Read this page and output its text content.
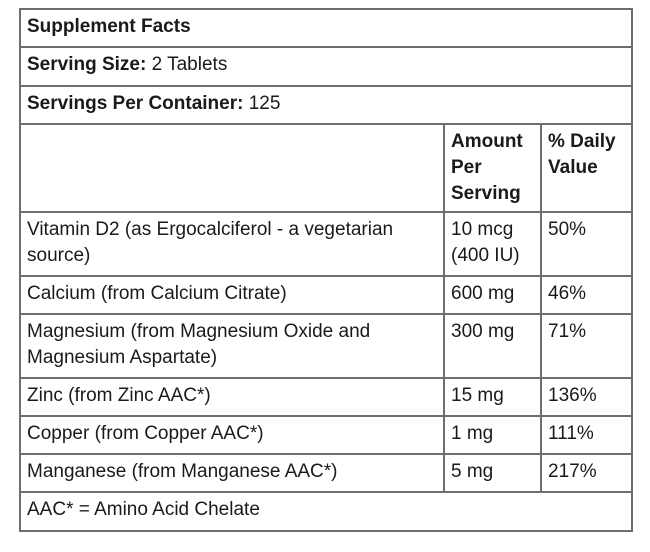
Supplement Facts		
Serving Size: 2 Tablets		
Servings Per Container: 125		
	Amount Per Serving	% Daily Value
Vitamin D2 (as Ergocalciferol - a vegetarian source)	10 mcg (400 IU)	50%
Calcium (from Calcium Citrate)	600 mg	46%
Magnesium (from Magnesium Oxide and Magnesium Aspartate)	300 mg	71%
Zinc (from Zinc AAC*)	15 mg	136%
Copper (from Copper AAC*)	1 mg	111%
Manganese (from Manganese AAC*)	5 mg	217%
AAC* = Amino Acid Chelate		
